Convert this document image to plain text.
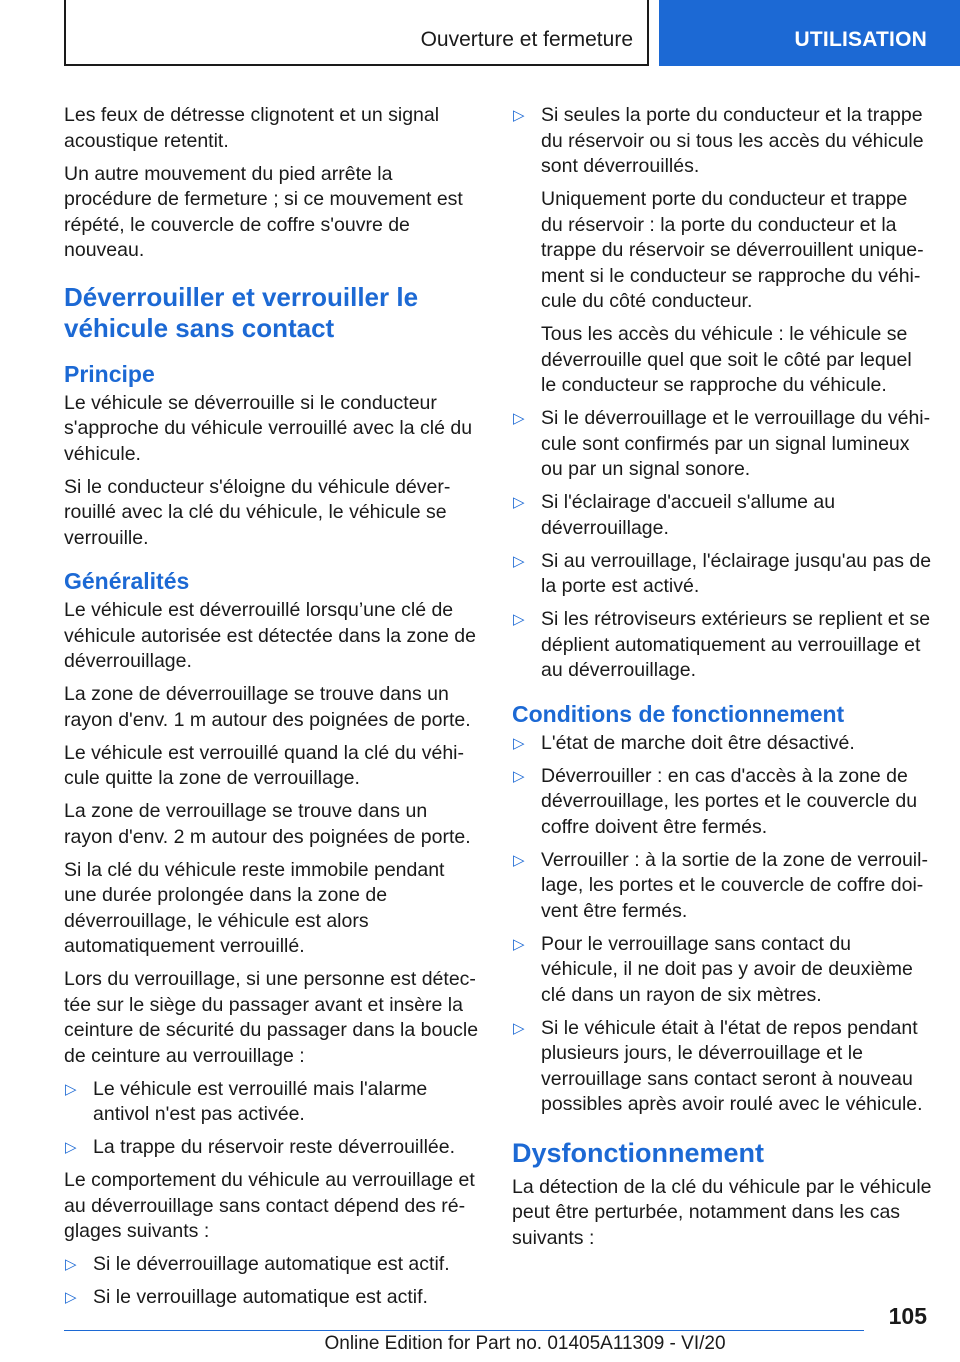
Ouverture et fermeture	UTILISATION

Les feux de détresse clignotent et un signal acoustique retentit.

Un autre mouvement du pied arrête la procédure de fermeture ; si ce mouvement est répété, le couvercle de coffre s'ouvre de nouveau.

Déverrouiller et verrouiller le véhicule sans contact
Principe

Le véhicule se déverrouille si le conducteur s'approche du véhicule verrouillé avec la clé du véhicule.

Si le conducteur s'éloigne du véhicule déverrouillé avec la clé du véhicule, le véhicule se verrouille.

Généralités

Le véhicule est déverrouillé lorsqu’une clé de véhicule autorisée est détectée dans la zone de déverrouillage.

La zone de déverrouillage se trouve dans un rayon d'env. 1 m autour des poignées de porte.

Le véhicule est verrouillé quand la clé du véhicule quitte la zone de verrouillage.

La zone de verrouillage se trouve dans un rayon d'env. 2 m autour des poignées de porte.

Si la clé du véhicule reste immobile pendant une durée prolongée dans la zone de déverrouillage, le véhicule est alors automatiquement verrouillé.

Lors du verrouillage, si une personne est détectée sur le siège du passager avant et insère la ceinture de sécurité du passager dans la boucle de ceinture au verrouillage :

▷ Le véhicule est verrouillé mais l'alarme antivol n'est pas activée.
▷ La trappe du réservoir reste déverrouillée.

Le comportement du véhicule au verrouillage et au déverrouillage sans contact dépend des réglages suivants :

▷ Si le déverrouillage automatique est actif.
▷ Si le verrouillage automatique est actif.
▷ Si seules la porte du conducteur et la trappe du réservoir ou si tous les accès du véhicule sont déverrouillés.
Uniquement porte du conducteur et trappe du réservoir : la porte du conducteur et la trappe du réservoir se déverrouillent uniquement si le conducteur se rapproche du véhicule du côté conducteur.
Tous les accès du véhicule : le véhicule se déverrouille quel que soit le côté par lequel le conducteur se rapproche du véhicule.
▷ Si le déverrouillage et le verrouillage du véhicule sont confirmés par un signal lumineux ou par un signal sonore.
▷ Si l'éclairage d'accueil s'allume au déverrouillage.
▷ Si au verrouillage, l'éclairage jusqu'au pas de la porte est activé.
▷ Si les rétroviseurs extérieurs se replient et se déplient automatiquement au verrouillage et au déverrouillage.
Conditions de fonctionnement
▷ L'état de marche doit être désactivé.
▷ Déverrouiller : en cas d'accès à la zone de déverrouillage, les portes et le couvercle du coffre doivent être fermés.
▷ Verrouiller : à la sortie de la zone de verrouillage, les portes et le couvercle de coffre doivent être fermés.
▷ Pour le verrouillage sans contact du véhicule, il ne doit pas y avoir de deuxième clé dans un rayon de six mètres.
▷ Si le véhicule était à l'état de repos pendant plusieurs jours, le déverrouillage et le verrouillage sans contact seront à nouveau possibles après avoir roulé avec le véhicule.
Dysfonctionnement

La détection de la clé du véhicule par le véhicule peut être perturbée, notamment dans les cas suivants :

105
Online Edition for Part no. 01405A11309 - VI/20
